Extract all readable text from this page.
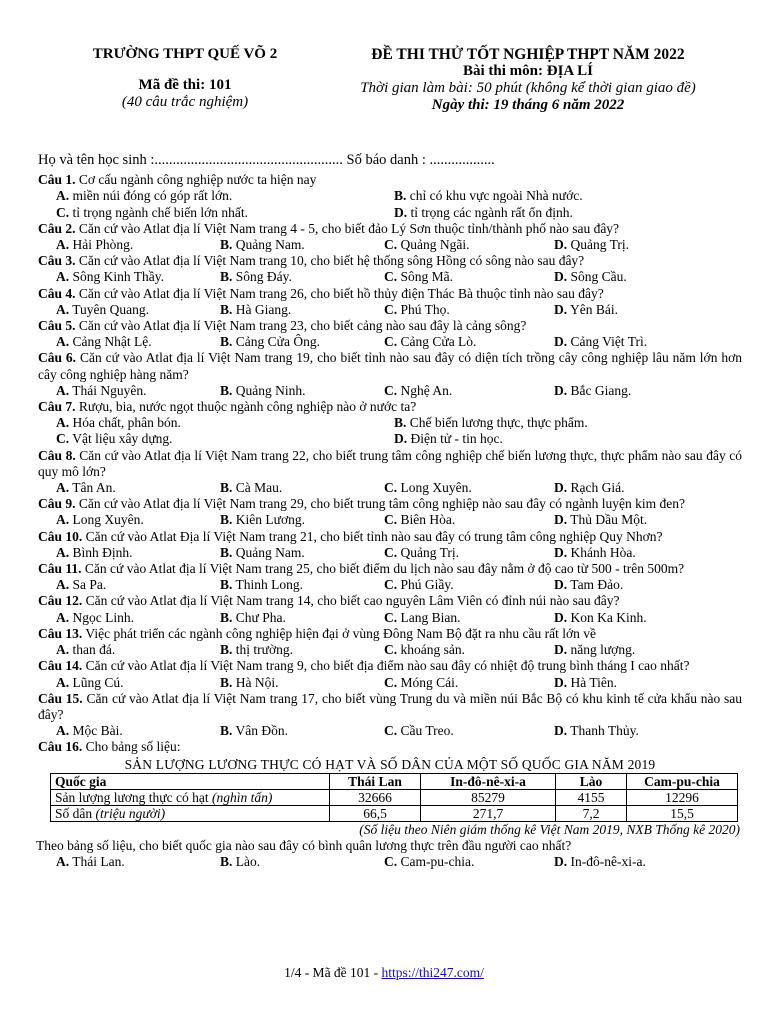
TRƯỜNG THPT QUẾ VÕ 2
Mã đề thi: 101
(40 câu trắc nghiệm)
ĐỀ THI THỬ TỐT NGHIỆP THPT NĂM 2022
Bài thi môn: ĐỊA LÍ
Thời gian làm bài: 50 phút (không kể thời gian giao đề)
Ngày thi: 19 tháng 6 năm 2022
Họ và tên học sinh :.................................................... Số báo danh : ..................
Câu 1. Cơ cấu ngành công nghiệp nước ta hiện nay
A. miền núi đóng có góp rất lớn.	B. chỉ có khu vực ngoài Nhà nước.
C. tỉ trọng ngành chế biến lớn nhất.	D. tỉ trọng các ngành rất ổn định.
Câu 2. Căn cứ vào Atlat địa lí Việt Nam trang 4 - 5, cho biết đảo Lý Sơn thuộc tỉnh/thành phố nào sau đây?
A. Hải Phòng.	B. Quảng Nam.	C. Quảng Ngãi.	D. Quảng Trị.
Câu 3. Căn cứ vào Atlat địa lí Việt Nam trang 10, cho biết hệ thống sông Hồng có sông nào sau đây?
A. Sông Kinh Thầy.	B. Sông Đáy.	C. Sông Mã.	D. Sông Cầu.
Câu 4. Căn cứ vào Atlat địa lí Việt Nam trang 26, cho biết hồ thủy điện Thác Bà thuộc tỉnh nào sau đây?
A. Tuyên Quang.	B. Hà Giang.	C. Phú Thọ.	D. Yên Bái.
Câu 5. Căn cứ vào Atlat địa lí Việt Nam trang 23, cho biết cảng nào sau đây là cảng sông?
A. Cảng Nhật Lệ.	B. Cảng Cửa Ông.	C. Cảng Cửa Lò.	D. Cảng Việt Trì.
Câu 6. Căn cứ vào Atlat địa lí Việt Nam trang 19, cho biết tỉnh nào sau đây có diện tích trồng cây công nghiệp lâu năm lớn hơn cây công nghiệp hàng năm?
A. Thái Nguyên.	B. Quảng Ninh.	C. Nghệ An.	D. Bắc Giang.
Câu 7. Rượu, bia, nước ngọt thuộc ngành công nghiệp nào ở nước ta?
A. Hóa chất, phân bón.	B. Chế biến lương thực, thực phẩm.
C. Vật liệu xây dựng.	D. Điện tử - tin học.
Câu 8. Căn cứ vào Atlat địa lí Việt Nam trang 22, cho biết trung tâm công nghiệp chế biến lương thực, thực phẩm nào sau đây có quy mô lớn?
A. Tân An.	B. Cà Mau.	C. Long Xuyên.	D. Rạch Giá.
Câu 9. Căn cứ vào Atlat địa lí Việt Nam trang 29, cho biết trung tâm công nghiệp nào sau đây có ngành luyện kim đen?
A. Long Xuyên.	B. Kiên Lương.	C. Biên Hòa.	D. Thủ Dầu Một.
Câu 10. Căn cứ vào Atlat Địa lí Việt Nam trang 21, cho biết tỉnh nào sau đây có trung tâm công nghiệp Quy Nhơn?
A. Bình Định.	B. Quảng Nam.	C. Quảng Trị.	D. Khánh Hòa.
Câu 11. Căn cứ vào Atlat địa lí Việt Nam trang 25, cho biết điểm du lịch nào sau đây nằm ở độ cao từ 500 - trên 500m?
A. Sa Pa.	B. Thinh Long.	C. Phú Giầy.	D. Tam Đảo.
Câu 12. Căn cứ vào Atlat địa lí Việt Nam trang 14, cho biết cao nguyên Lâm Viên có đỉnh núi nào sau đây?
A. Ngọc Linh.	B. Chư Pha.	C. Lang Bian.	D. Kon Ka Kinh.
Câu 13. Việc phát triển các ngành công nghiệp hiện đại ở vùng Đông Nam Bộ đặt ra nhu cầu rất lớn về
A. than đá.	B. thị trường.	C. khoáng sản.	D. năng lượng.
Câu 14. Căn cứ vào Atlat địa lí Việt Nam trang 9, cho biết địa điểm nào sau đây có nhiệt độ trung bình tháng I cao nhất?
A. Lũng Cú.	B. Hà Nội.	C. Móng Cái.	D. Hà Tiên.
Câu 15. Căn cứ vào Atlat địa lí Việt Nam trang 17, cho biết vùng Trung du và miền núi Bắc Bộ có khu kinh tế cửa khẩu nào sau đây?
A. Mộc Bài.	B. Vân Đồn.	C. Cầu Treo.	D. Thanh Thủy.
Câu 16. Cho bảng số liệu:
SẢN LƯỢNG LƯƠNG THỰC CÓ HẠT VÀ SỐ DÂN CỦA MỘT SỐ QUỐC GIA NĂM 2019
Quốc gia	Thái Lan	In-đô-nê-xi-a	Lào	Cam-pu-chia
Sản lượng lương thực có hạt (nghìn tấn)	32666	85279	4155	12296
Số dân (triệu người)	66,5	271,7	7,2	15,5
(Số liệu theo Niên giám thống kê Việt Nam 2019, NXB Thống kê 2020)
Theo bảng số liệu, cho biết quốc gia nào sau đây có bình quân lương thực trên đầu người cao nhất?
A. Thái Lan.	B. Lào.	C. Cam-pu-chia.	D. In-đô-nê-xi-a.
1/4 - Mã đề 101 - https://thi247.com/
